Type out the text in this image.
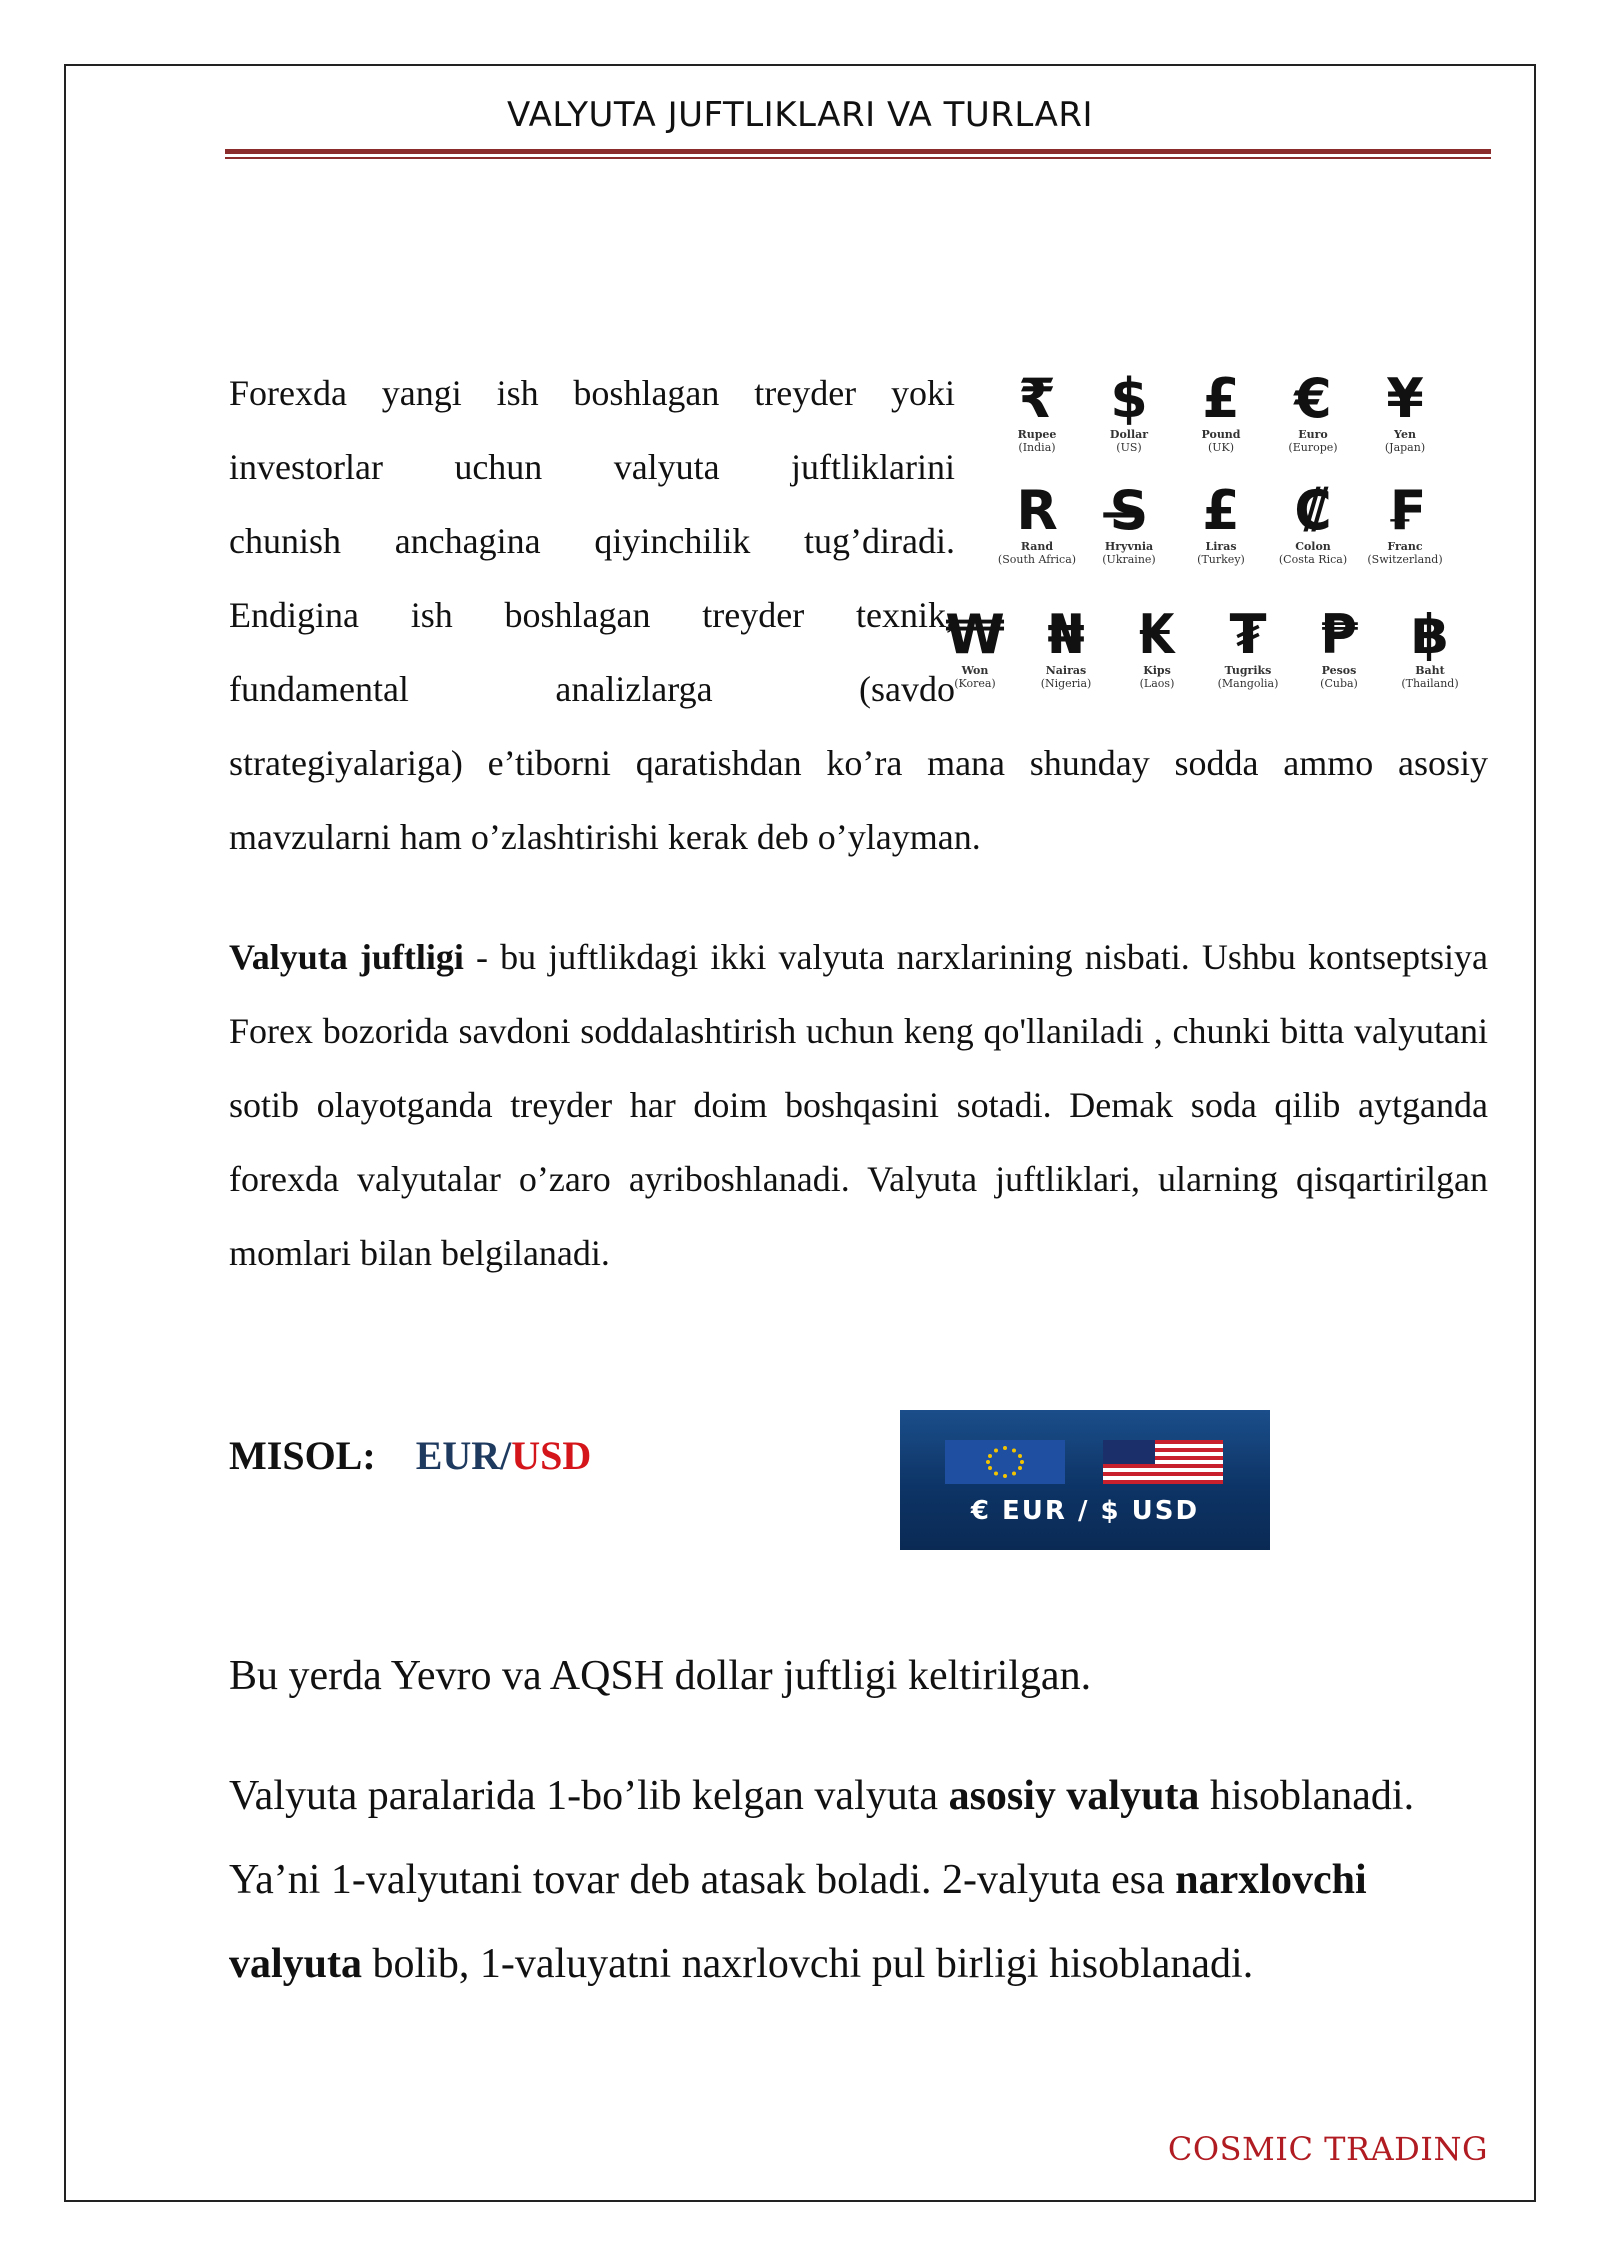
VALYUTA JUFTLIKLARI VA TURLARI
Forexda yangi ish boshlagan treyder yoki
investorlar uchun valyuta juftliklarini
chunish anchagina qiyinchilik tug’diradi.
Endigina ish boshlagan treyder texnik,
fundamental analizlarga (savdo
₹
Rupee
(India)
$
Dollar
(US)
£
Pound
(UK)
€
Euro
(Europe)
¥
Yen
(Japan)
R
Rand
(South Africa)
S̶
Hryvnia
(Ukraine)
£
Liras
(Turkey)
₡
Colon
(Costa Rica)
₣
Franc
(Switzerland)
₩
Won
(Korea)
₦
Nairas
(Nigeria)
₭
Kips
(Laos)
₮
Tugriks
(Mangolia)
₱
Pesos
(Cuba)
฿
Baht
(Thailand)
strategiyalariga) e’tiborni qaratishdan ko’ra mana shunday sodda ammo asosiy mavzularni ham o’zlashtirishi kerak deb o’ylayman.
Valyuta juftligi - bu juftlikdagi ikki valyuta narxlarining nisbati. Ushbu kontseptsiya Forex bozorida savdoni soddalashtirish uchun keng qo'llaniladi , chunki bitta valyutani sotib olayotganda treyder har doim boshqasini sotadi. Demak soda qilib aytganda forexda valyutalar o’zaro ayriboshlanadi. Valyuta juftliklari, ularning qisqartirilgan momlari bilan belgilanadi.
MISOL: EUR/USD
€ EUR / $ USD
Bu yerda Yevro va AQSH dollar juftligi keltirilgan.
Valyuta paralarida 1-bo’lib kelgan valyuta asosiy valyuta hisoblanadi. Ya’ni 1-valyutani tovar deb atasak boladi. 2-valyuta esa narxlovchi valyuta bolib, 1-valuyatni naxrlovchi pul birligi hisoblanadi.
COSMIC TRADING
